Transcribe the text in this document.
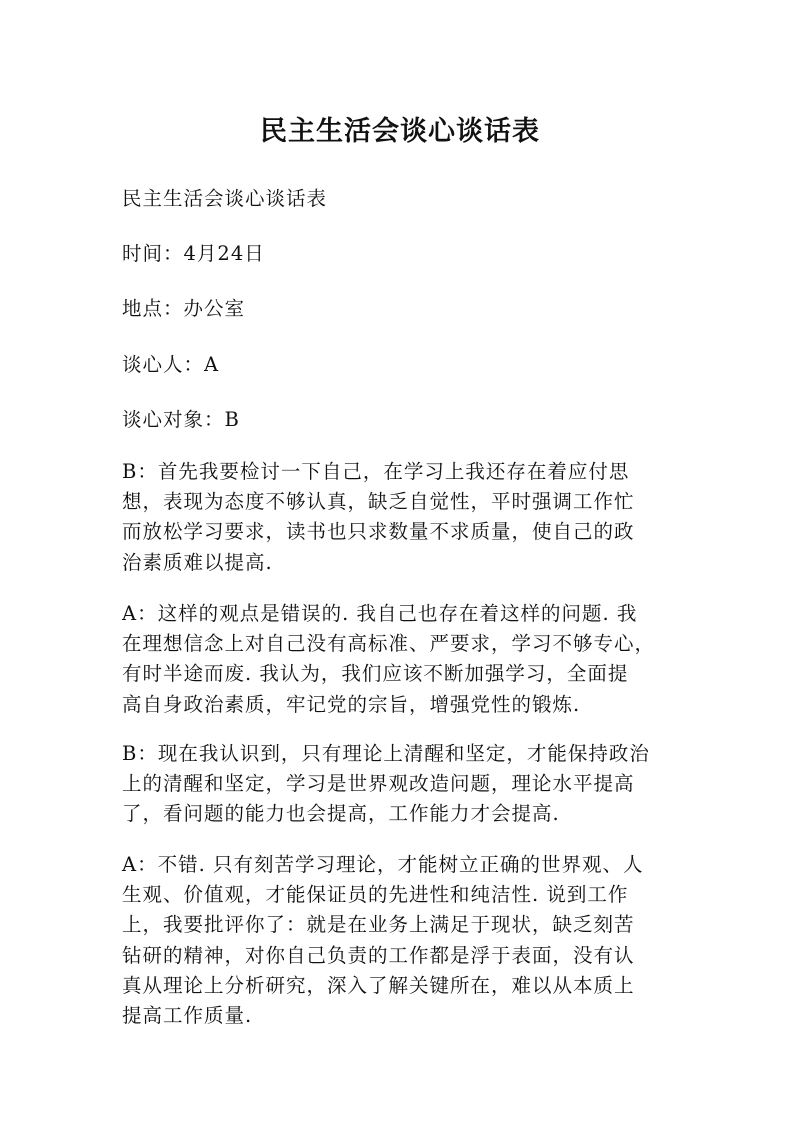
民主生活会谈心谈话表
民主生活会谈心谈话表
时间：4月24日
地点：办公室
谈心人：A
谈心对象：B
B：首先我要检讨一下自己，在学习上我还存在着应付思
想，表现为态度不够认真，缺乏自觉性，平时强调工作忙
而放松学习要求，读书也只求数量不求质量，使自己的政
治素质难以提高.
A：这样的观点是错误的. 我自己也存在着这样的问题. 我
在理想信念上对自己没有高标准、严要求，学习不够专心，
有时半途而废. 我认为，我们应该不断加强学习，全面提
高自身政治素质，牢记党的宗旨，增强党性的锻炼.
B：现在我认识到，只有理论上清醒和坚定，才能保持政治
上的清醒和坚定，学习是世界观改造问题，理论水平提高
了，看问题的能力也会提高，工作能力才会提高.
A：不错. 只有刻苦学习理论，才能树立正确的世界观、人
生观、价值观，才能保证员的先进性和纯洁性. 说到工作
上，我要批评你了：就是在业务上满足于现状，缺乏刻苦
钻研的精神，对你自己负责的工作都是浮于表面，没有认
真从理论上分析研究，深入了解关键所在，难以从本质上
提高工作质量.
